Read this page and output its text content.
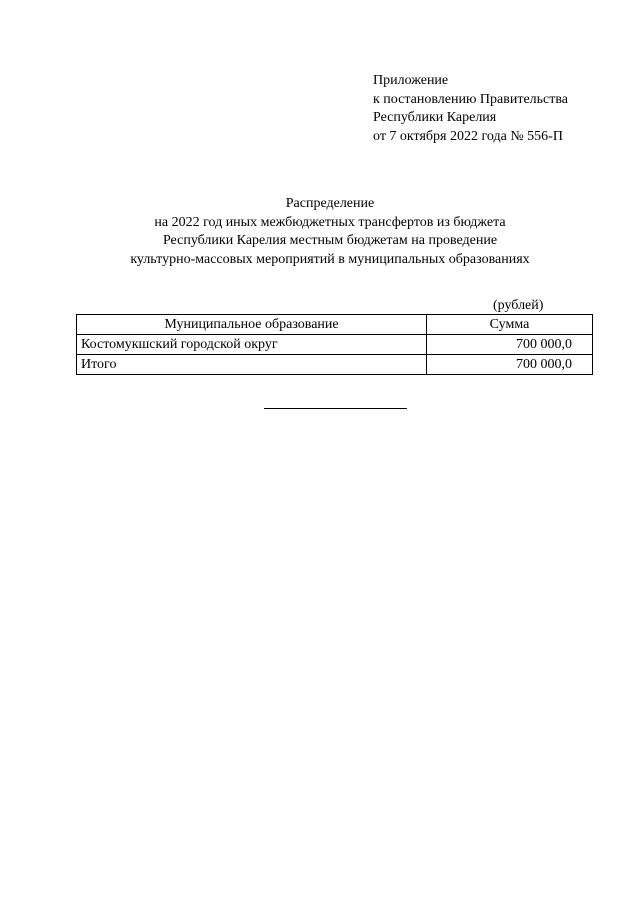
Приложение
к постановлению Правительства
Республики Карелия
от 7 октября 2022 года № 556-П
Распределение
на 2022 год иных межбюджетных трансфертов из бюджета
Республики Карелия местным бюджетам на проведение
культурно-массовых мероприятий в муниципальных образованиях
(рублей)
Муниципальное образование	Сумма
Костомукшский городской округ	700 000,0
Итого	700 000,0
